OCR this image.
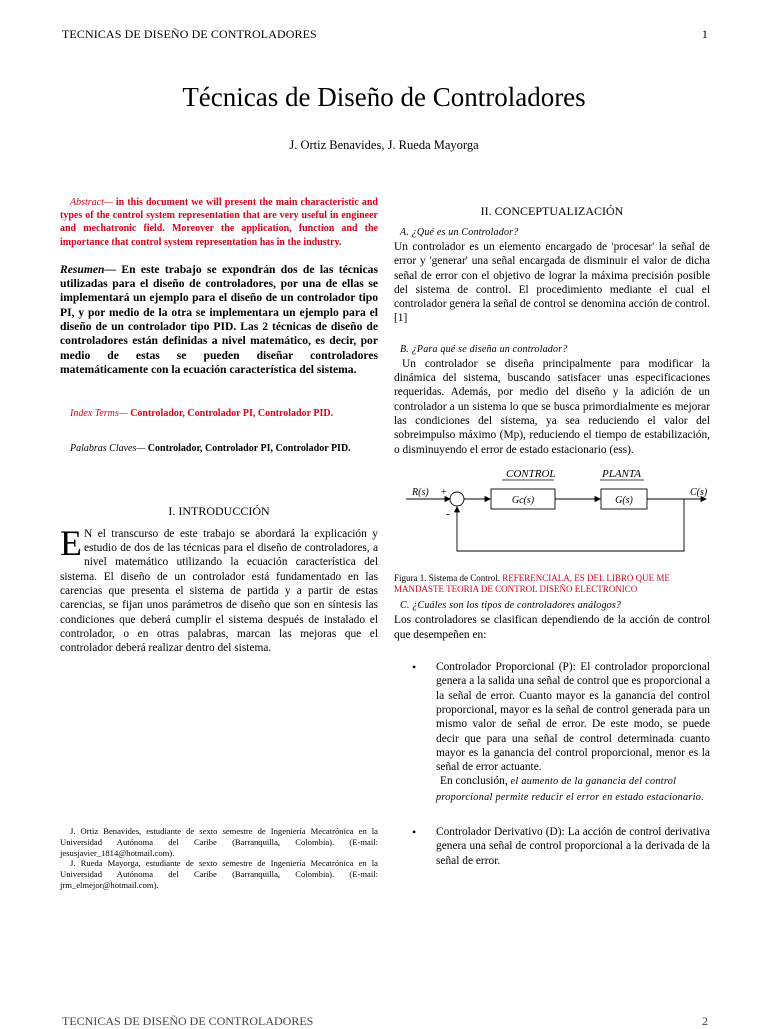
TECNICAS DE DISEÑO DE CONTROLADORES	1
Técnicas de Diseño de Controladores
J. Ortiz Benavides, J. Rueda Mayorga

Abstract— in this document we will present the main characteristic and types of the control system representation that are very useful in engineer and mechatronic field. Moreover the application, function and the importance that control system representation has in the industry.

Resumen— En este trabajo se expondrán dos de las técnicas utilizadas para el diseño de controladores, por una de ellas se implementará un ejemplo para el diseño de un controlador tipo PI, y por medio de la otra se implementara un ejemplo para el diseño de un controlador tipo PID. Las 2 técnicas de diseño de controladores están definidas a nivel matemático, es decir, por medio de estas se pueden diseñar controladores matemáticamente con la ecuación característica del sistema.

Index Terms— Controlador, Controlador PI, Controlador PID.

Palabras Claves— Controlador, Controlador PI, Controlador PID.

I. INTRODUCCIÓN

E N el transcurso de este trabajo se abordará la explicación y estudio de dos de las técnicas para el diseño de controladores, a nivel matemático utilizando la ecuación característica del sistema. El diseño de un controlador está fundamentado en las carencias que presenta el sistema de partida y a partir de estas carencias, se fijan unos parámetros de diseño que son en síntesis las condiciones que deberá cumplir el sistema después de instalado el controlador, o en otras palabras, marcan las mejoras que el controlador deberá realizar dentro del sistema.

J. Ortiz Benavides, estudiante de sexto semestre de Ingeniería Mecatrónica en la Universidad Autónoma del Caribe (Barranquilla, Colombia). (E-mail: jesusjavier_1814@hotmail.com).

J. Rueda Mayorga, estudiante de sexto semestre de Ingeniería Mecatrónica en la Universidad Autónoma del Caribe (Barranquilla, Colombia). (E-mail: jrm_elmejor@hotmail.com).

II. CONCEPTUALIZACIÓN
A. ¿Qué es un Controlador?

Un controlador es un elemento encargado de 'procesar' la señal de error y 'generar' una señal encargada de disminuir el valor de dicha señal de error con el objetivo de lograr la máxima precisión posible del sistema de control. El procedimiento mediante el cual el controlador genera la señal de control se denomina acción de control. [1]

B. ¿Para qué se diseña un controlador?

Un controlador se diseña principalmente para modificar la dinámica del sistema, buscando satisfacer unas especificaciones requeridas. Además, por medio del diseño y la adición de un controlador a un sistema lo que se busca primordialmente es mejorar las condiciones del sistema, ya sea reduciendo el valor del sobreimpulso máximo (Mp), reduciendo el tiempo de estabilización, o disminuyendo el error de estado estacionario (ess).

CONTROL	PLANTA
R(s) +
-
Gc(s)	G(s)
C(s)

Figura 1. Sistema de Control. REFERENCIALA, ES DEL LIBRO QUE ME MANDASTE TEORIA DE CONTROL DISEÑO ELECTRONICO

C. ¿Cuáles son los tipos de controladores análogos?

Los controladores se clasifican dependiendo de la acción de control que desempeñen en:

• Controlador Proporcional (P): El controlador proporcional genera a la salida una señal de control que es proporcional a la señal de error. Cuanto mayor es la ganancia del control proporcional, mayor es la señal de control generada para un mismo valor de señal de error. De este modo, se puede decir que para una señal de control determinada cuanto mayor es la ganancia del control proporcional, menor es la señal de error actuante.

En conclusión, el aumento de la ganancia del control proporcional permite reducir el error en estado estacionario.

• Controlador Derivativo (D): La acción de control derivativa genera una señal de control proporcional a la derivada de la señal de error.

TECNICAS DE DISEÑO DE CONTROLADORES	2
